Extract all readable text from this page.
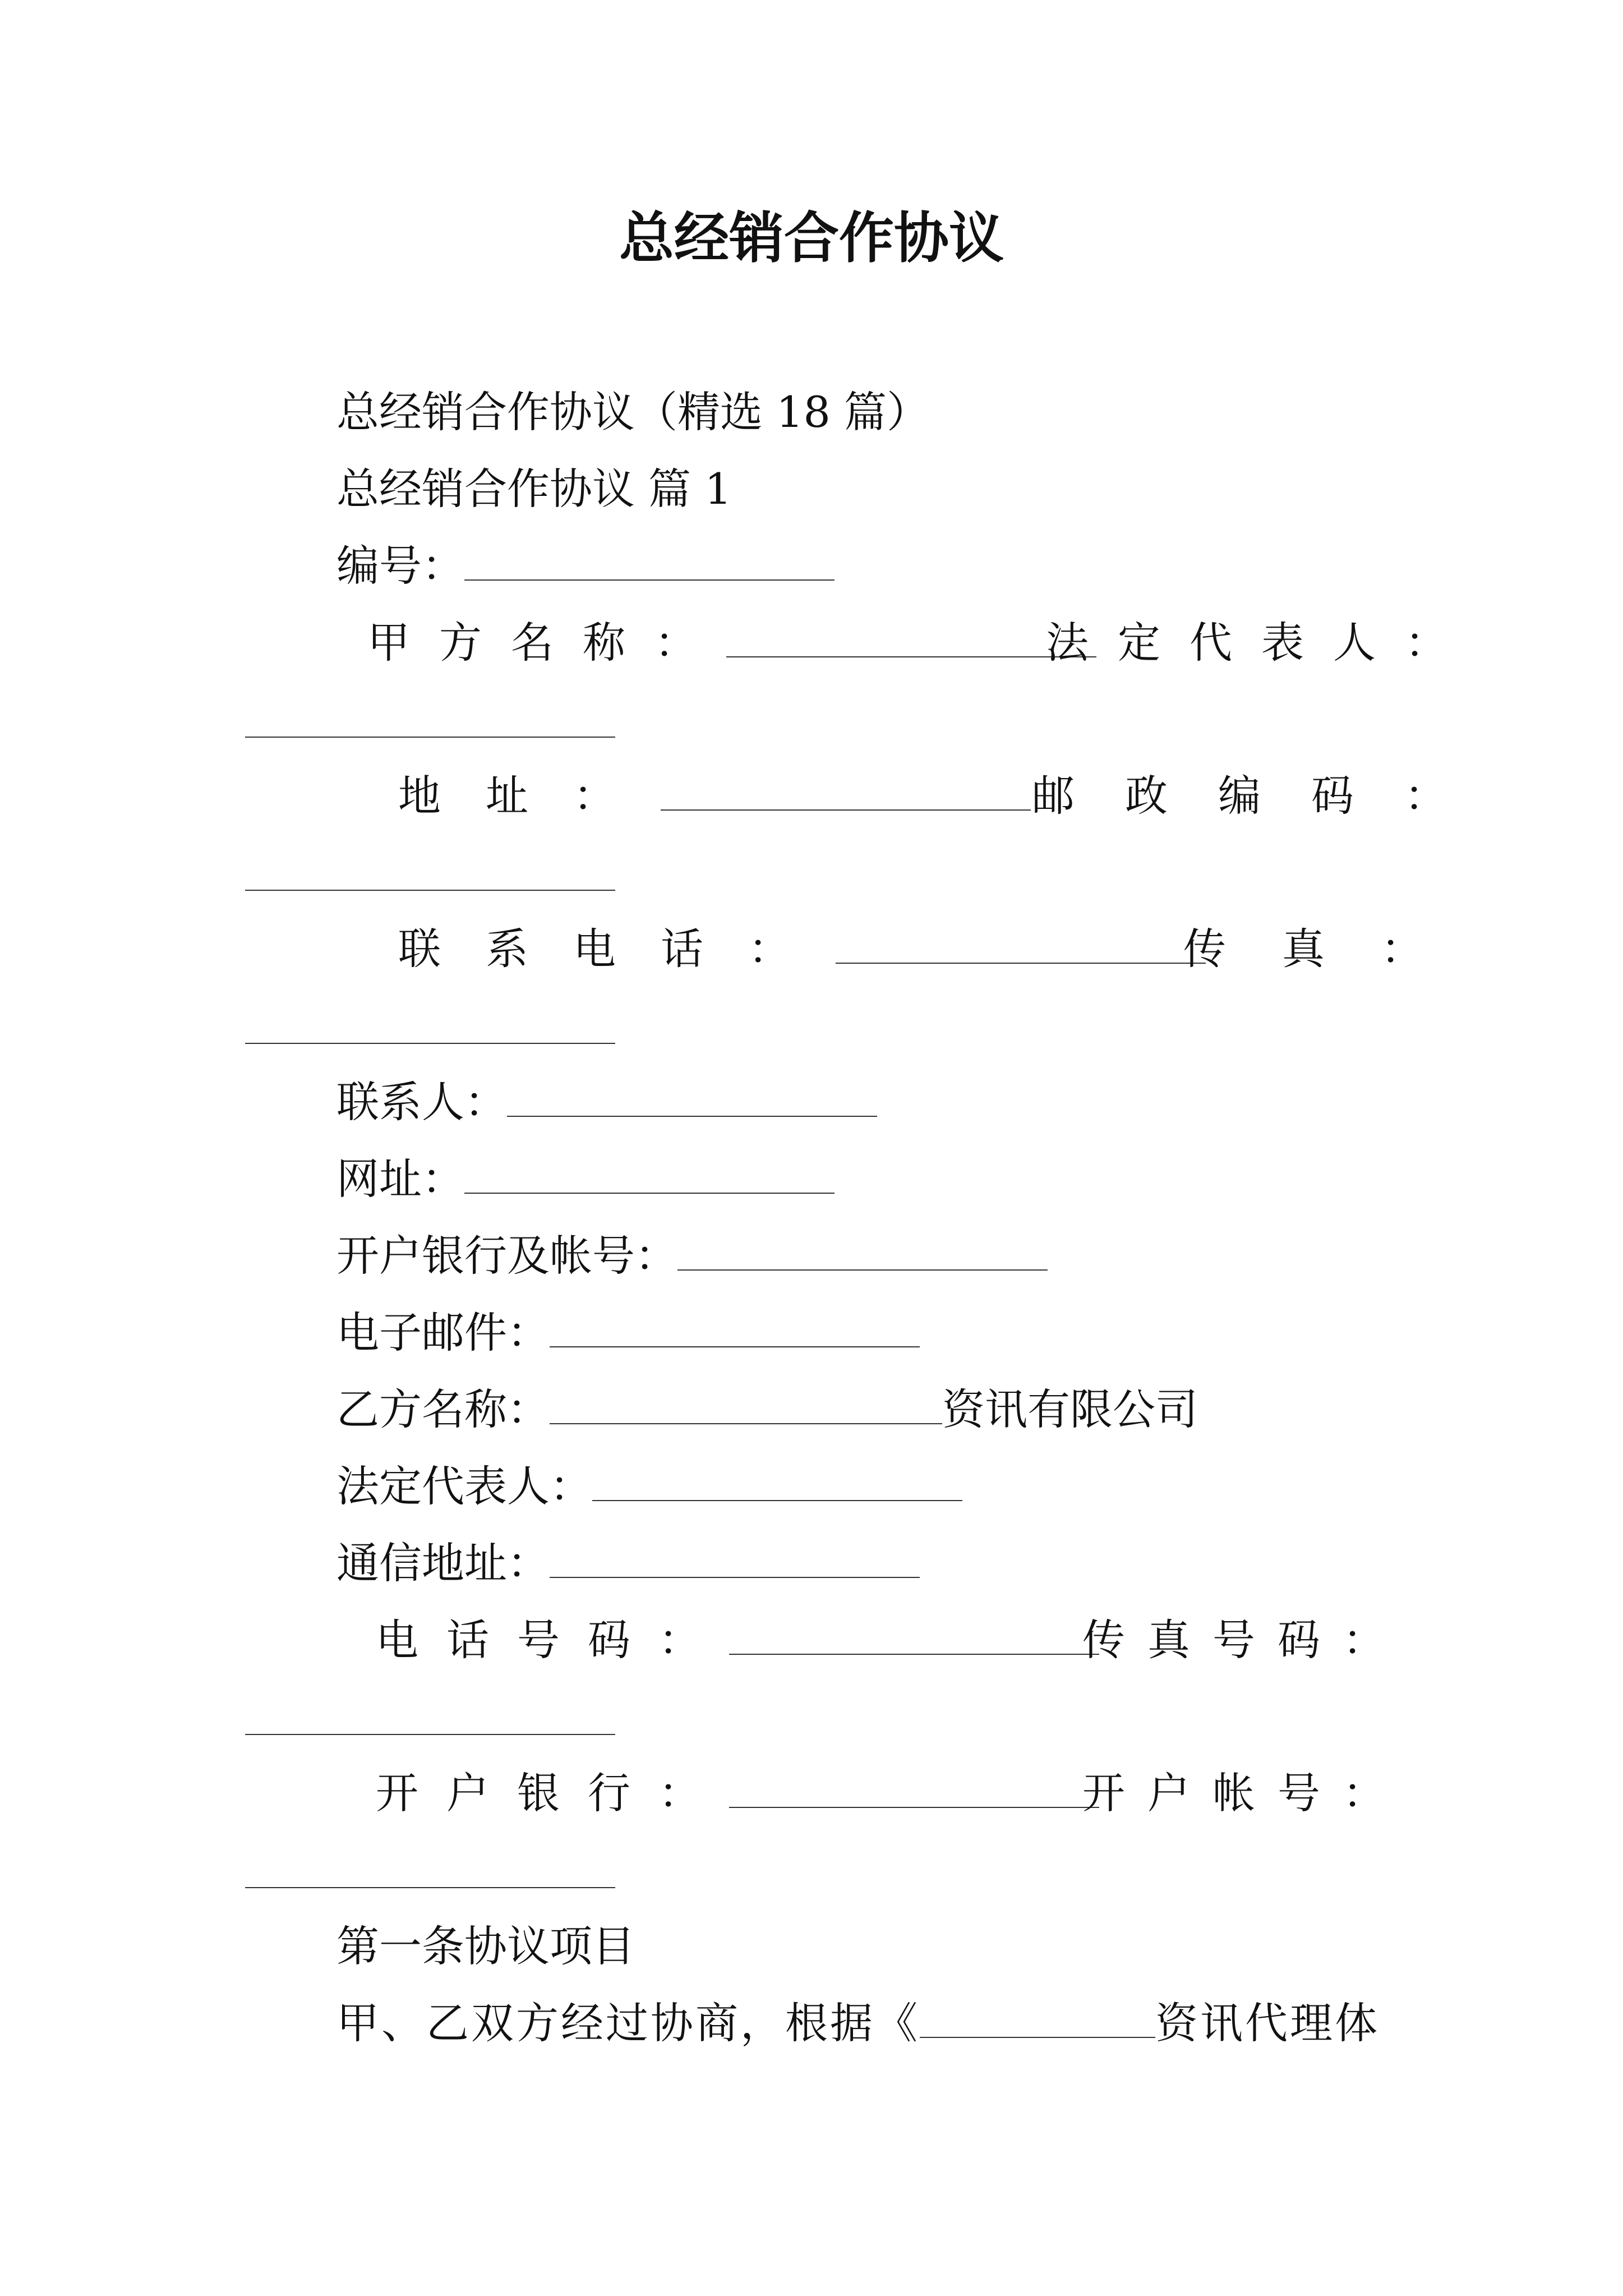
总经销合作协议
总经销合作协议（精选 18 篇）
总经销合作协议 篇 1
编号：
甲方名称：	法定代表人：
地址：	邮政编码：
联系电话：	传真：
联系人：
网址：
开户银行及帐号：
电子邮件：
乙方名称：	资讯有限公司
法定代表人：
通信地址：
电话号码：	传真号码：
开户银行：	开户帐号：
第一条协议项目
甲、乙双方经过协商，根据《	资讯代理体
